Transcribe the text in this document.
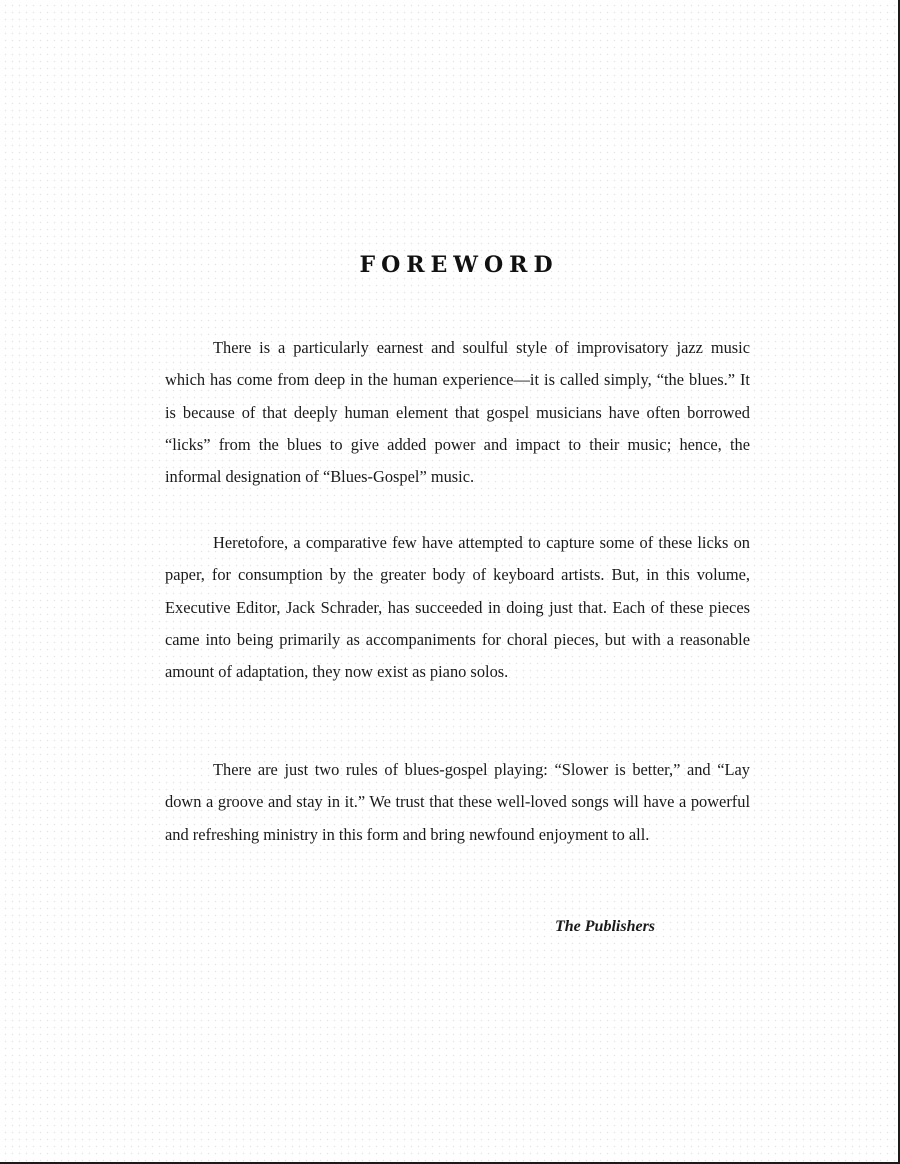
FOREWORD

There is a particularly earnest and soulful style of improvisatory jazz music which has come from deep in the human experience—it is called simply, “the blues.” It is because of that deeply human element that gospel musicians have often borrowed “licks” from the blues to give added power and impact to their music; hence, the informal designation of “Blues-Gospel” music.

Heretofore, a comparative few have attempted to capture some of these licks on paper, for consumption by the greater body of keyboard artists. But, in this volume, Executive Editor, Jack Schrader, has succeeded in doing just that. Each of these pieces came into being primarily as accompaniments for choral pieces, but with a reasonable amount of adaptation, they now exist as piano solos.

There are just two rules of blues-gospel playing: “Slower is better,” and “Lay down a groove and stay in it.” We trust that these well-loved songs will have a powerful and refreshing ministry in this form and bring newfound enjoyment to all.

The Publishers
